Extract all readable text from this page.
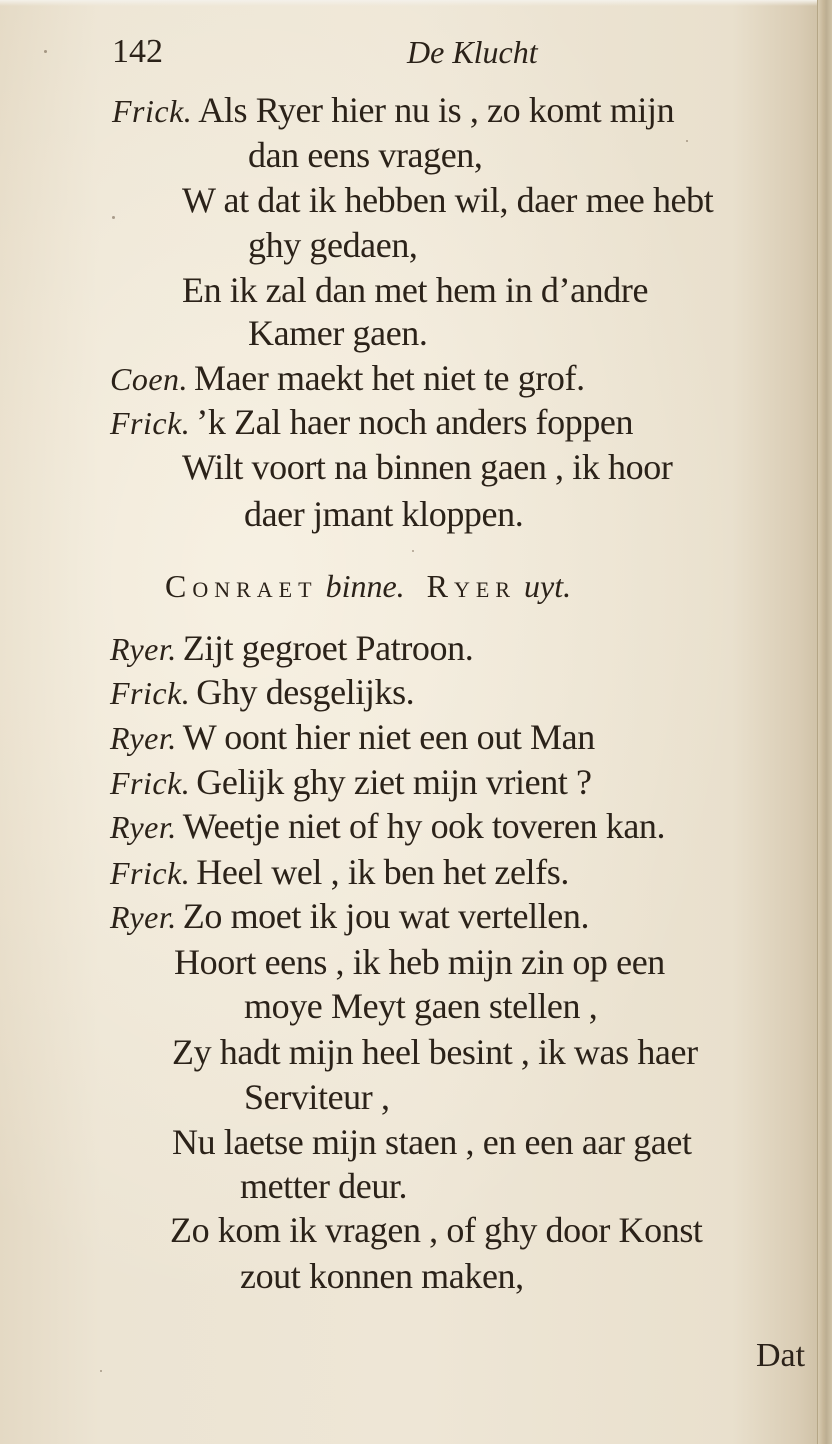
142	De Klucht
Frick. Als Ryer hier nu is , zo komt mijn
dan eens vragen,
W at dat ik hebben wil, daer mee hebt
ghy gedaen,
En ik zal dan met hem in d’andre
Kamer gaen.
Coen. Maer maekt het niet te grof.
Frick. ’k Zal haer noch anders foppen
Wilt voort na binnen gaen , ik hoor
daer jmant kloppen.
Conraet binne. Ryer uyt.
Ryer. Zijt gegroet Patroon.
Frick. Ghy desgelijks.
Ryer. W oont hier niet een out Man
Frick. Gelijk ghy ziet mijn vrient ?
Ryer. Weetje niet of hy ook toveren kan.
Frick. Heel wel , ik ben het zelfs.
Ryer. Zo moet ik jou wat vertellen.
Hoort eens , ik heb mijn zin op een
moye Meyt gaen stellen ,
Zy hadt mijn heel besint , ik was haer
Serviteur ,
Nu laetse mijn staen , en een aar gaet
metter deur.
Zo kom ik vragen , of ghy door Konst
zout konnen maken,
Dat
